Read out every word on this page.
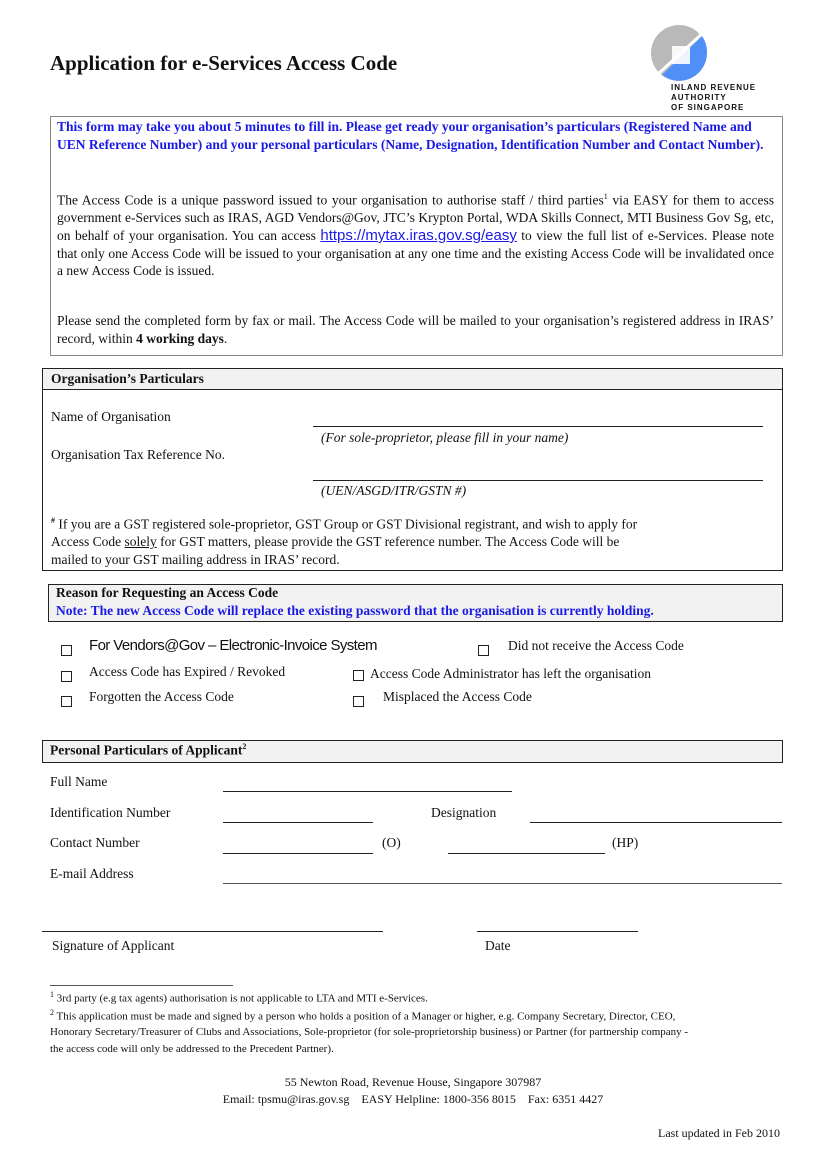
Application for e-Services Access Code
INLAND REVENUE
AUTHORITY
OF SINGAPORE
This form may take you about 5 minutes to fill in. Please get ready your organisation’s particulars (Registered Name and UEN Reference Number) and your personal particulars (Name, Designation, Identification Number and Contact Number).
The Access Code is a unique password issued to your organisation to authorise staff / third parties$^1$ via EASY for them to access government e-Services such as IRAS, AGD Vendors@Gov, JTC’s Krypton Portal, WDA Skills Connect, MTI Business Gov Sg, etc, on behalf of your organisation. You can access https://mytax.iras.gov.sg/easy to view the full list of e-Services. Please note that only one Access Code will be issued to your organisation at any one time and the existing Access Code will be invalidated once a new Access Code is issued.
Please send the completed form by fax or mail. The Access Code will be mailed to your organisation’s registered address in IRAS’ record, within 4 working days.
Organisation’s Particulars
Name of Organisation
(For sole-proprietor, please fill in your name)
Organisation Tax Reference No.
(UEN/ASGD/ITR/GSTN #)
# If you are a GST registered sole-proprietor, GST Group or GST Divisional registrant, and wish to apply for
Access Code solely for GST matters, please provide the GST reference number. The Access Code will be
mailed to your GST mailing address in IRAS’ record.
Reason for Requesting an Access Code
Note: The new Access Code will replace the existing password that the organisation is currently holding.
For Vendors@Gov – Electronic-Invoice System	Did not receive the Access Code
Access Code has Expired / Revoked	Access Code Administrator has left the organisation
Forgotten the Access Code	Misplaced the Access Code
Personal Particulars of Applicant$^2$
Full Name
Identification Number	Designation
Contact Number	(O)	(HP)
E-mail Address
Signature of Applicant	Date
$^1$ 3rd party (e.g tax agents) authorisation is not applicable to LTA and MTI e-Services.
$^2$ This application must be made and signed by a person who holds a position of a Manager or higher, e.g. Company Secretary, Director, CEO,
Honorary Secretary/Treasurer of Clubs and Associations, Sole-proprietor (for sole-proprietorship business) or Partner (for partnership company -
the access code will only be addressed to the Precedent Partner).
55 Newton Road, Revenue House, Singapore 307987
Email: tpsmu@iras.gov.sg    EASY Helpline: 1800-356 8015    Fax: 6351 4427
Last updated in Feb 2010
